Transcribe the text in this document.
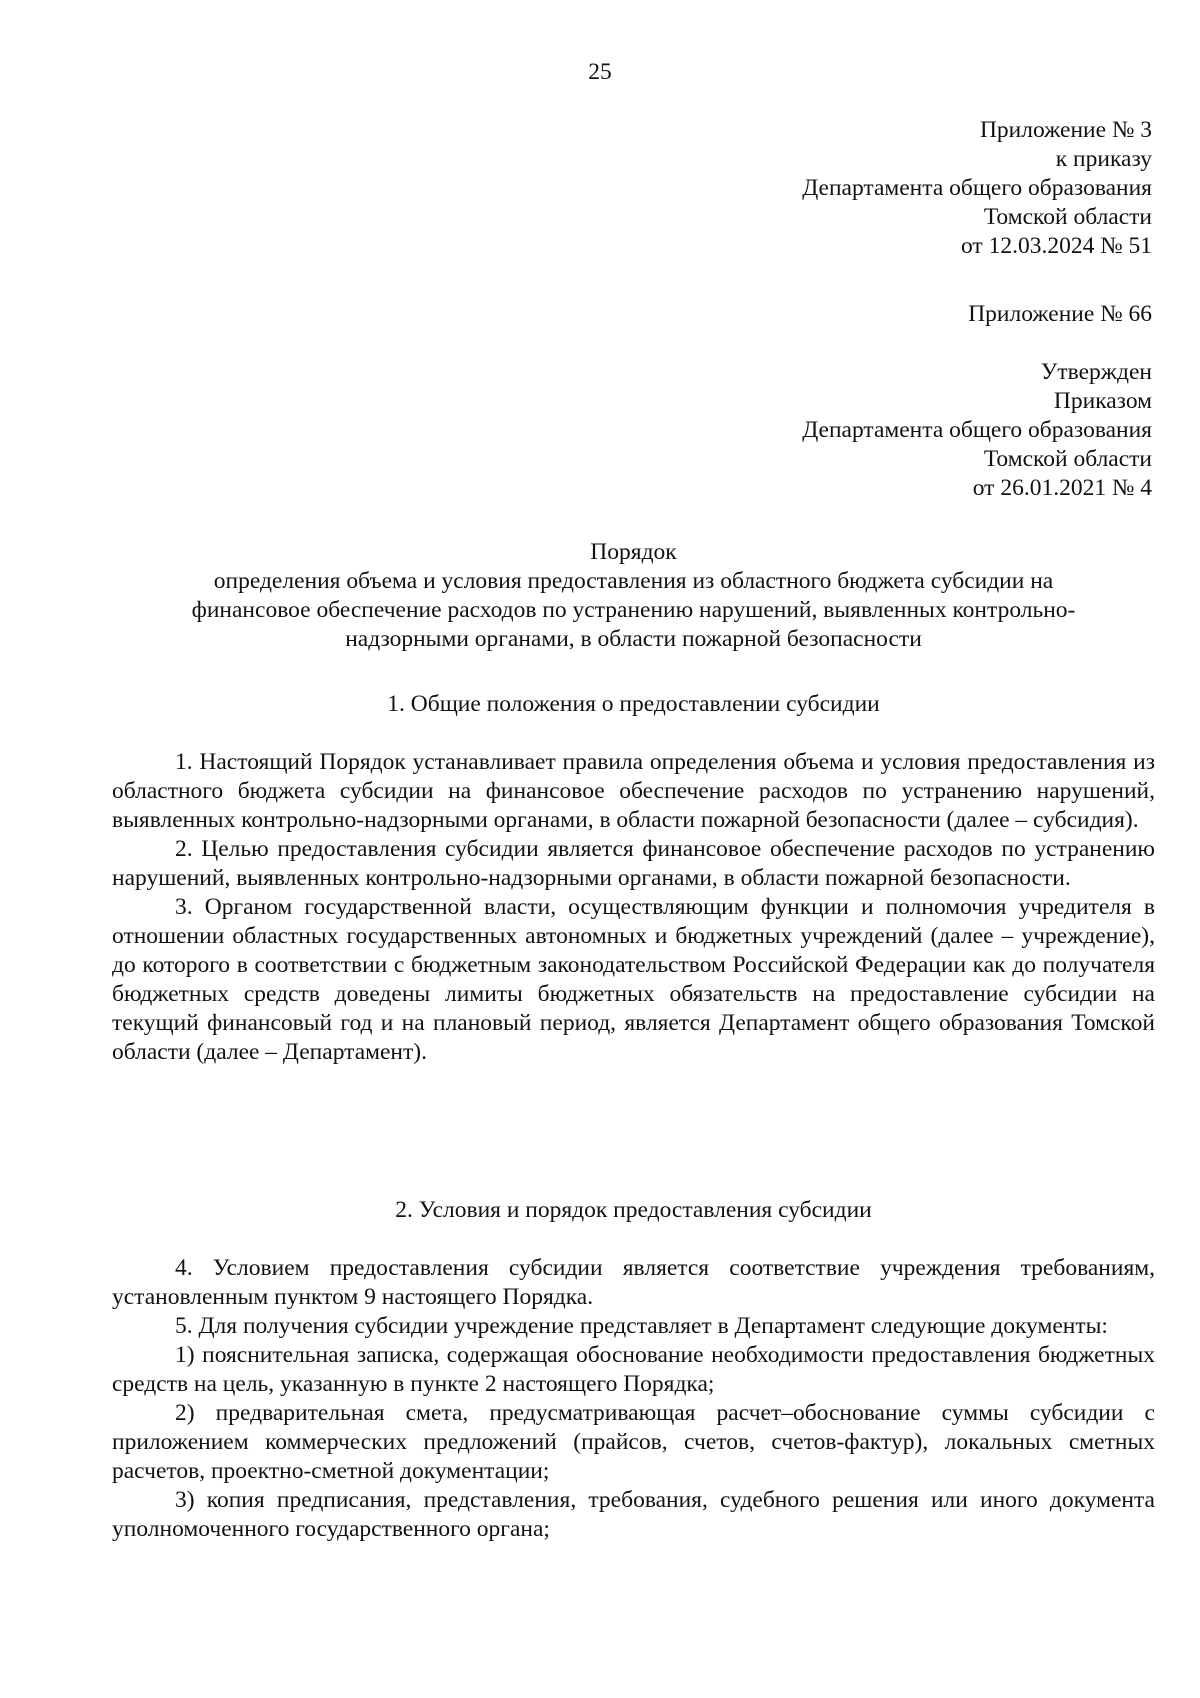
25
Приложение № 3
к приказу
Департамента общего образования
Томской области
от 12.03.2024 № 51
Приложение № 66
Утвержден
Приказом
Департамента общего образования
Томской области
от 26.01.2021 № 4
Порядок
определения объема и условия предоставления из областного бюджета субсидии на
финансовое обеспечение расходов по устранению нарушений, выявленных контрольно-
надзорными органами, в области пожарной безопасности
1. Общие положения о предоставлении субсидии

1. Настоящий Порядок устанавливает правила определения объема и условия предоставления из областного бюджета субсидии на финансовое обеспечение расходов по устранению нарушений, выявленных контрольно-надзорными органами, в области пожарной безопасности (далее – субсидия).

2. Целью предоставления субсидии является финансовое обеспечение расходов по устранению нарушений, выявленных контрольно-надзорными органами, в области пожарной безопасности.

3. Органом государственной власти, осуществляющим функции и полномочия учредителя в отношении областных государственных автономных и бюджетных учреждений (далее – учреждение), до которого в соответствии с бюджетным законодательством Российской Федерации как до получателя бюджетных средств доведены лимиты бюджетных обязательств на предоставление субсидии на текущий финансовый год и на плановый период, является Департамент общего образования Томской области (далее – Департамент).

2. Условия и порядок предоставления субсидии

4. Условием предоставления субсидии является соответствие учреждения требованиям, установленным пунктом 9 настоящего Порядка.

5. Для получения субсидии учреждение представляет в Департамент следующие документы:

1) пояснительная записка, содержащая обоснование необходимости предоставления бюджетных средств на цель, указанную в пункте 2 настоящего Порядка;

2) предварительная смета, предусматривающая расчет–обоснование суммы субсидии с приложением коммерческих предложений (прайсов, счетов, счетов-фактур), локальных сметных расчетов, проектно-сметной документации;

3) копия предписания, представления, требования, судебного решения или иного документа уполномоченного государственного органа;
